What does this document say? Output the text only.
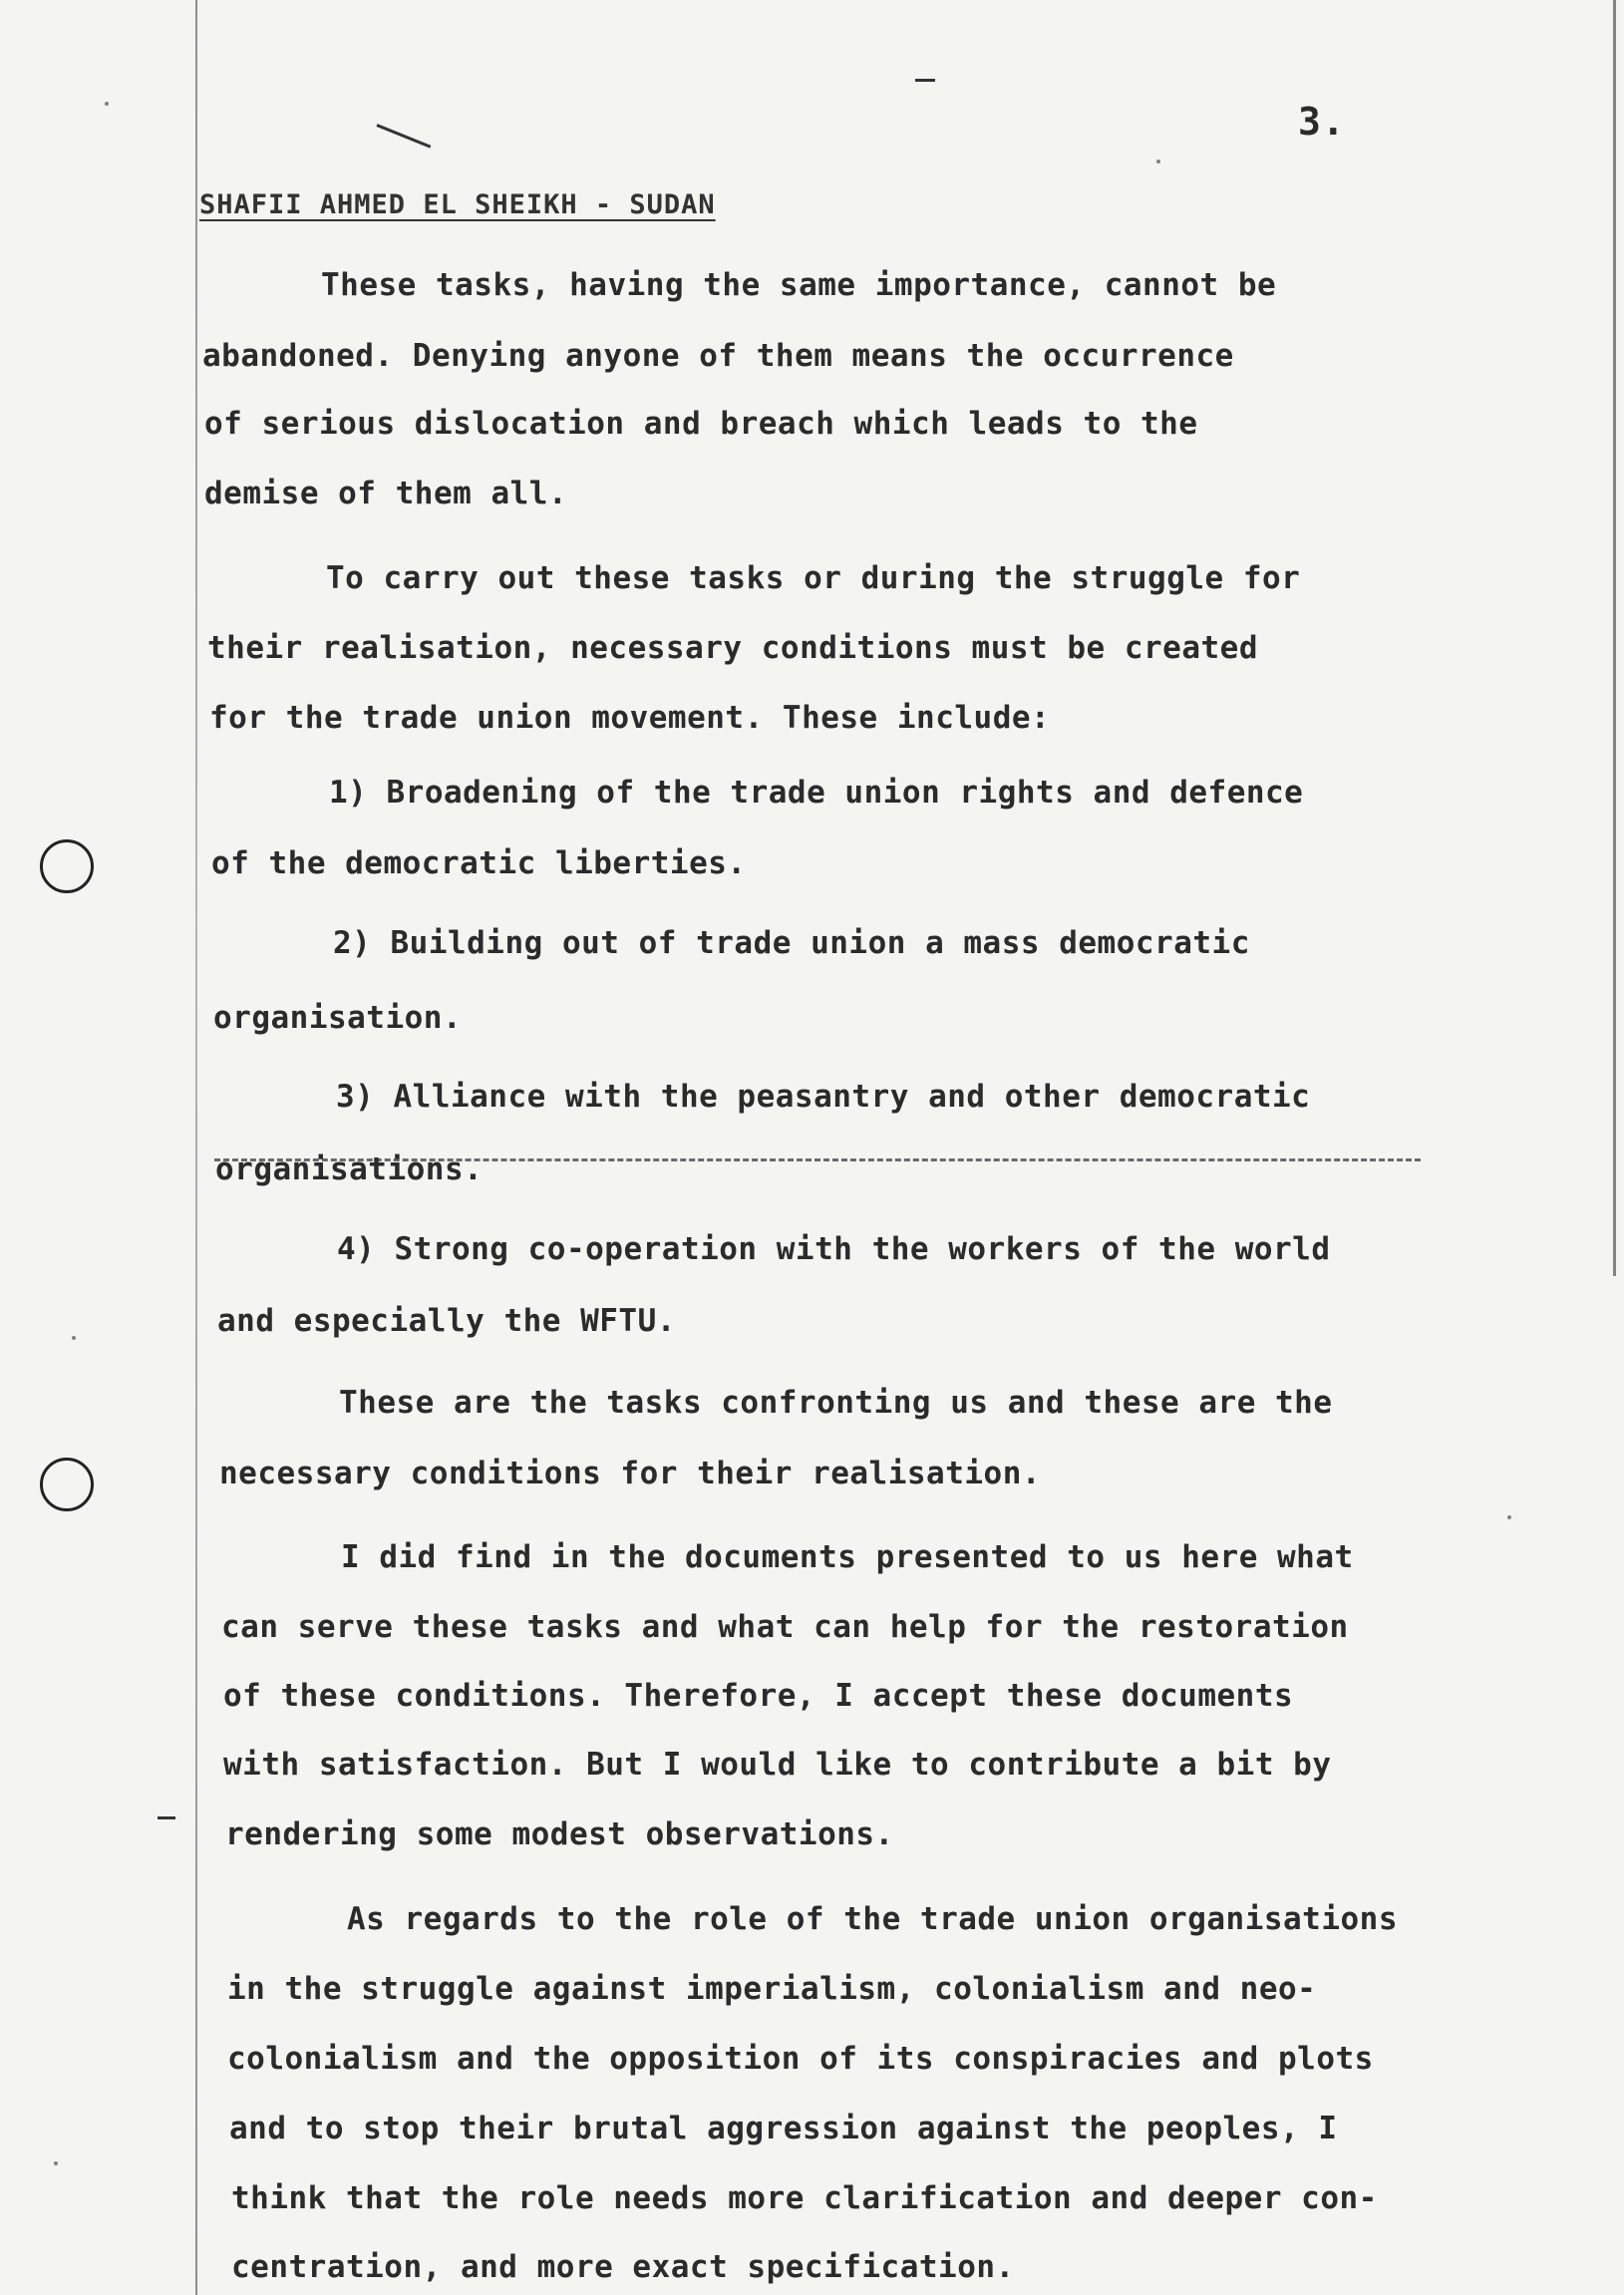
3.
SHAFII AHMED EL SHEIKH - SUDAN
These tasks, having the same importance, cannot be
abandoned. Denying anyone of them means the occurrence
of serious dislocation and breach which leads to the
demise of them all.
To carry out these tasks or during the struggle for
their realisation, necessary conditions must be created
for the trade union movement. These include:
1) Broadening of the trade union rights and defence
of the democratic liberties.
2) Building out of trade union a mass democratic
organisation.
3) Alliance with the peasantry and other democratic
organisations.
4) Strong co-operation with the workers of the world
and especially the WFTU.
These are the tasks confronting us and these are the
necessary conditions for their realisation.
I did find in the documents presented to us here what
can serve these tasks and what can help for the restoration
of these conditions. Therefore, I accept these documents
with satisfaction. But I would like to contribute a bit by
rendering some modest observations.
As regards to the role of the trade union organisations
in the struggle against imperialism, colonialism and neo-
colonialism and the opposition of its conspiracies and plots
and to stop their brutal aggression against the peoples, I
think that the role needs more clarification and deeper con-
centration, and more exact specification.
